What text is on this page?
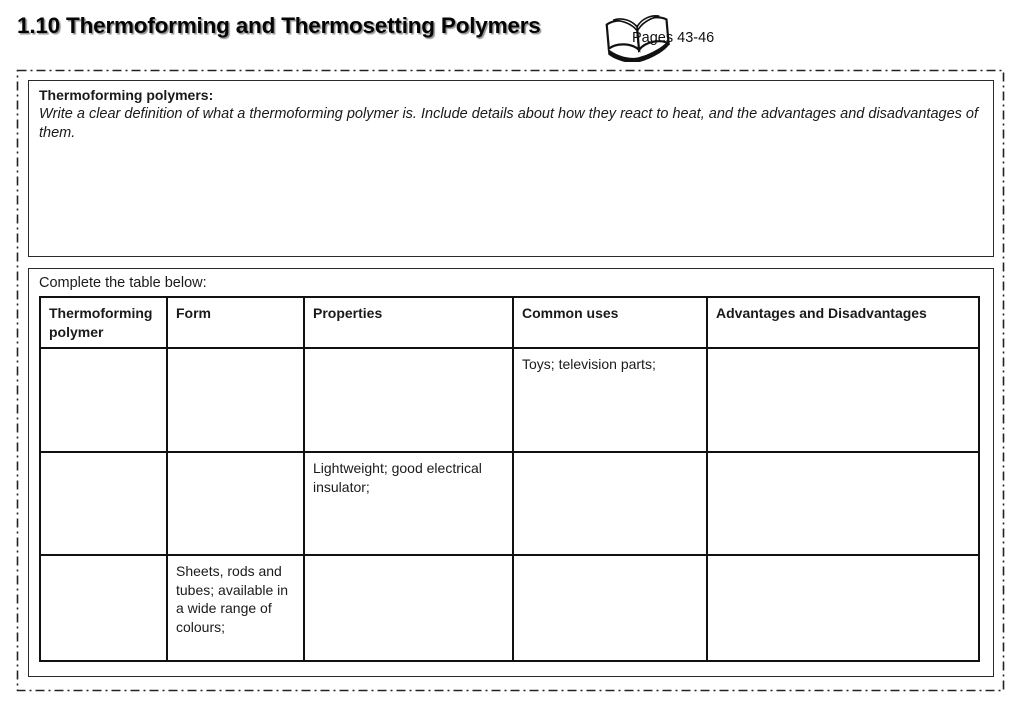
1.10 Thermoforming and Thermosetting Polymers	Pages 43-46
Thermoforming polymers:
Write a clear definition of what a thermoforming polymer is. Include details about how they react to heat, and the advantages and disadvantages of them.
Complete the table below:
Thermoforming polymer	Form	Properties	Common uses	Advantages and Disadvantages
			Toys; television parts;	
		Lightweight; good electrical insulator;		
	Sheets, rods and tubes; available in a wide range of colours;			
